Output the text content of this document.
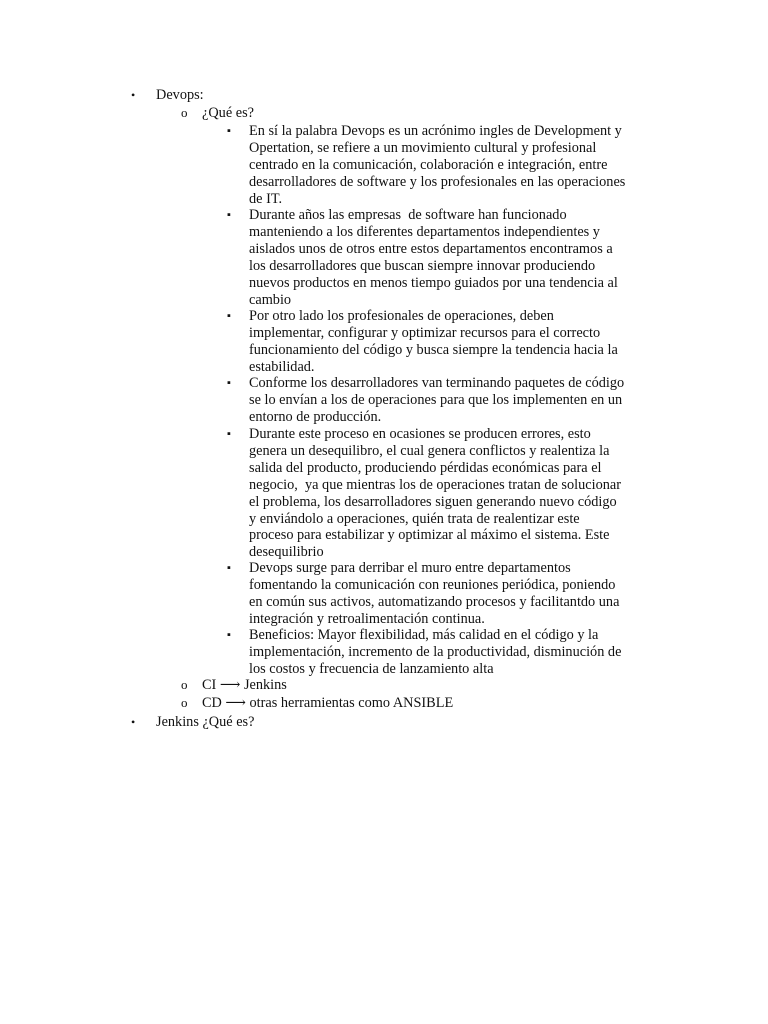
• Devops:
o ¿Qué es?
▪ En sí la palabra Devops es un acrónimo ingles de Development y
Opertation, se refiere a un movimiento cultural y profesional
centrado en la comunicación, colaboración e integración, entre
desarrolladores de software y los profesionales en las operaciones
de IT.
▪ Durante años las empresas  de software han funcionado
manteniendo a los diferentes departamentos independientes y
aislados unos de otros entre estos departamentos encontramos a
los desarrolladores que buscan siempre innovar produciendo
nuevos productos en menos tiempo guiados por una tendencia al
cambio
▪ Por otro lado los profesionales de operaciones, deben
implementar, configurar y optimizar recursos para el correcto
funcionamiento del código y busca siempre la tendencia hacia la
estabilidad.
▪ Conforme los desarrolladores van terminando paquetes de código
se lo envían a los de operaciones para que los implementen en un
entorno de producción.
▪ Durante este proceso en ocasiones se producen errores, esto
genera un desequilibro, el cual genera conflictos y realentiza la
salida del producto, produciendo pérdidas económicas para el
negocio,  ya que mientras los de operaciones tratan de solucionar
el problema, los desarrolladores siguen generando nuevo código
y enviándolo a operaciones, quién trata de realentizar este
proceso para estabilizar y optimizar al máximo el sistema. Este
desequilibrio
▪ Devops surge para derribar el muro entre departamentos
fomentando la comunicación con reuniones periódica, poniendo
en común sus activos, automatizando procesos y facilitantdo una
integración y retroalimentación continua.
▪ Beneficios: Mayor flexibilidad, más calidad en el código y la
implementación, incremento de la productividad, disminución de
los costos y frecuencia de lanzamiento alta
o CI ⟶ Jenkins
o CD ⟶ otras herramientas como ANSIBLE
• Jenkins ¿Qué es?
